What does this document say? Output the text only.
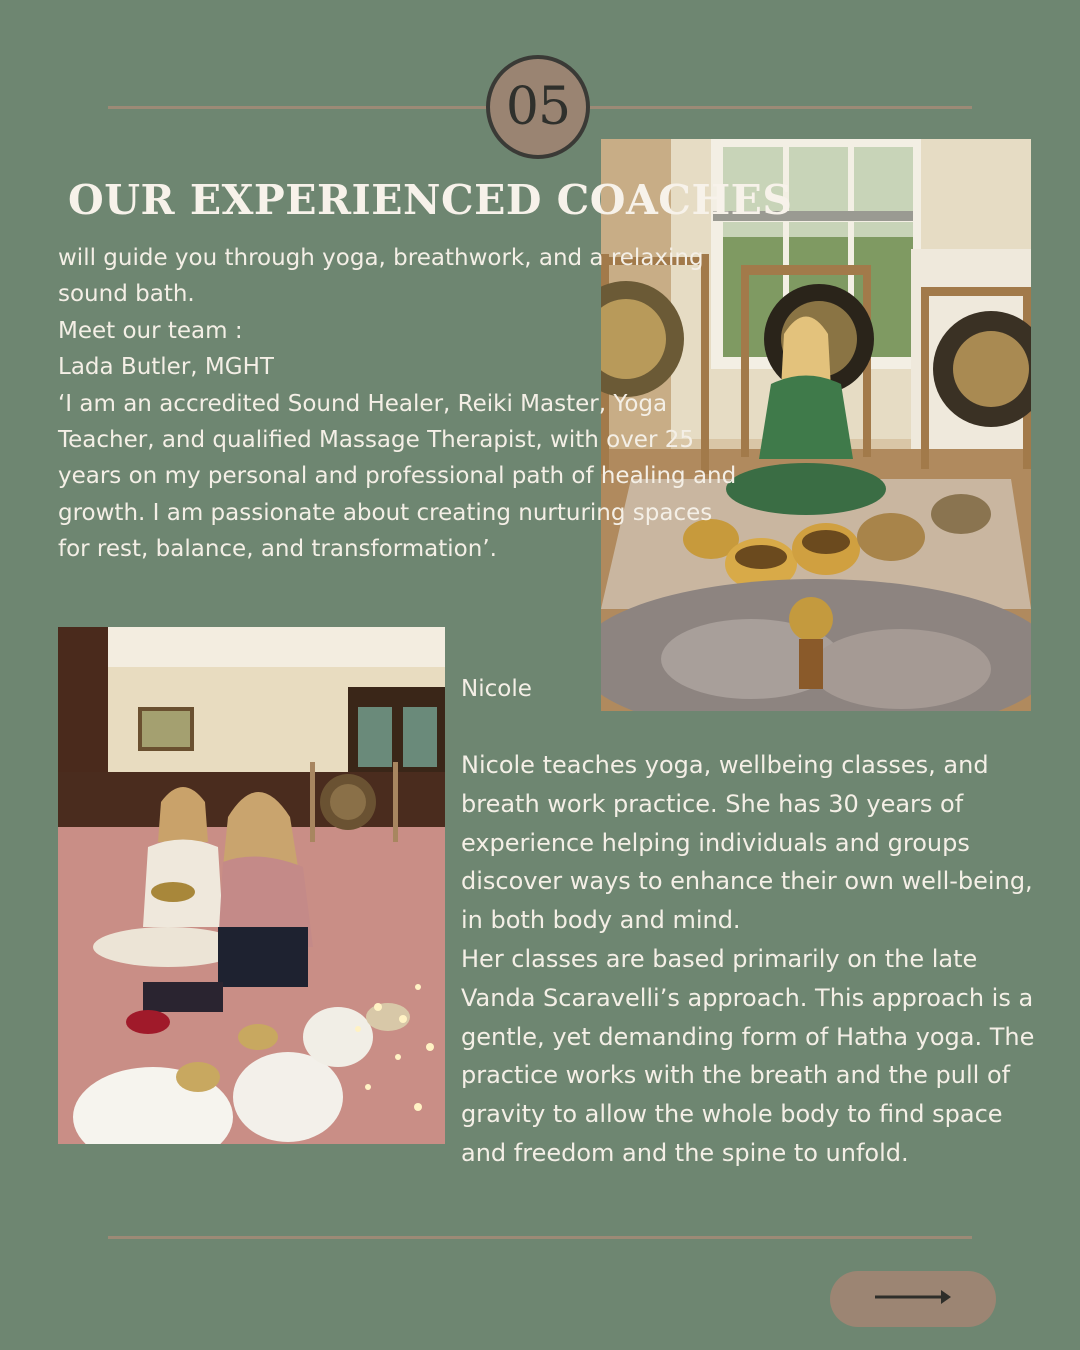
05
OUR EXPERIENCED COACHES

will guide you through yoga, breathwork, and a relaxing sound bath.

Meet our team :

Lada Butler, MGHT

‘I am an accredited Sound Healer, Reiki Master, Yoga Teacher, and qualified Massage Therapist, with over 25 years on my personal and professional path of healing and growth. I am passionate about creating nurturing spaces for rest, balance, and transformation’.

Nicole

Nicole teaches yoga, wellbeing classes, and breath work practice. She has 30 years of experience helping individuals and groups discover ways to enhance their own well-being, in both body and mind.

Her classes are based primarily on the late Vanda Scaravelli’s approach. This approach is a gentle, yet demanding form of Hatha yoga. The practice works with the breath and the pull of gravity to allow the whole body to find space and freedom and the spine to unfold.
